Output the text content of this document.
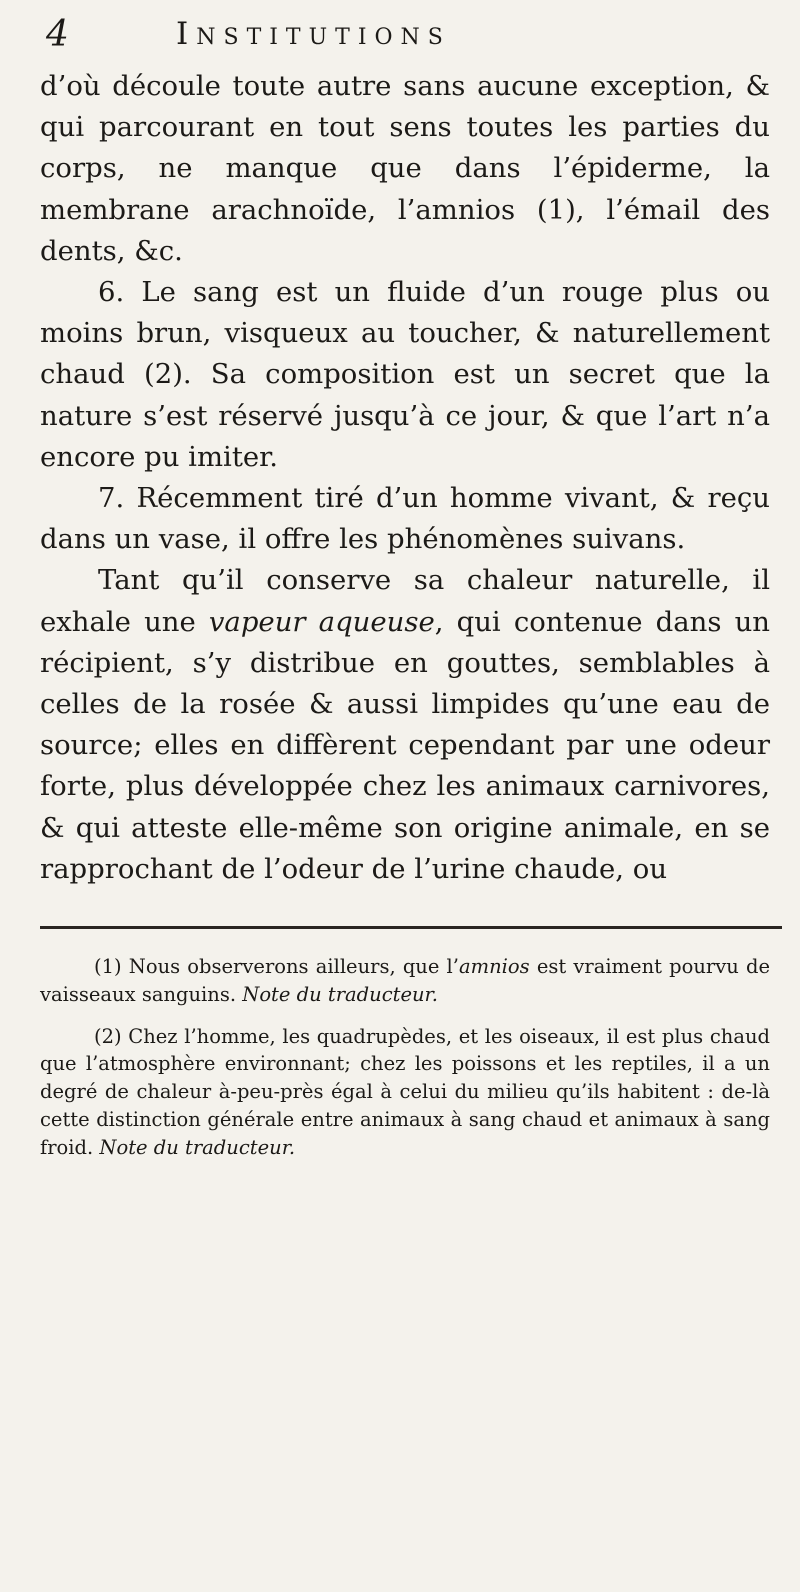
4	Institutions

d’où découle toute autre sans aucune exception, & qui parcourant en tout sens toutes les parties du corps, ne manque que dans l’épiderme, la membrane arachnoïde, l’amnios (1), l’émail des dents, &c.

6. Le sang est un fluide d’un rouge plus ou moins brun, visqueux au toucher, & naturellement chaud (2). Sa composition est un secret que la nature s’est réservé jusqu’à ce jour, & que l’art n’a encore pu imiter.

7. Récemment tiré d’un homme vivant, & reçu dans un vase, il offre les phénomènes suivans.

Tant qu’il conserve sa chaleur naturelle, il exhale une vapeur aqueuse, qui contenue dans un récipient, s’y distribue en gouttes, semblables à celles de la rosée & aussi limpides qu’une eau de source; elles en diffèrent cependant par une odeur forte, plus développée chez les animaux carnivores, & qui atteste elle-même son origine animale, en se rapprochant de l’odeur de l’urine chaude, ou

(1) Nous observerons ailleurs, que l’amnios est vraiment pourvu de vaisseaux sanguins. Note du traducteur.

(2) Chez l’homme, les quadrupèdes, et les oiseaux, il est plus chaud que l’atmosphère environnant; chez les poissons et les reptiles, il a un degré de chaleur à-peu-près égal à celui du milieu qu’ils habitent : de-là cette distinction générale entre animaux à sang chaud et animaux à sang froid. Note du traducteur.
